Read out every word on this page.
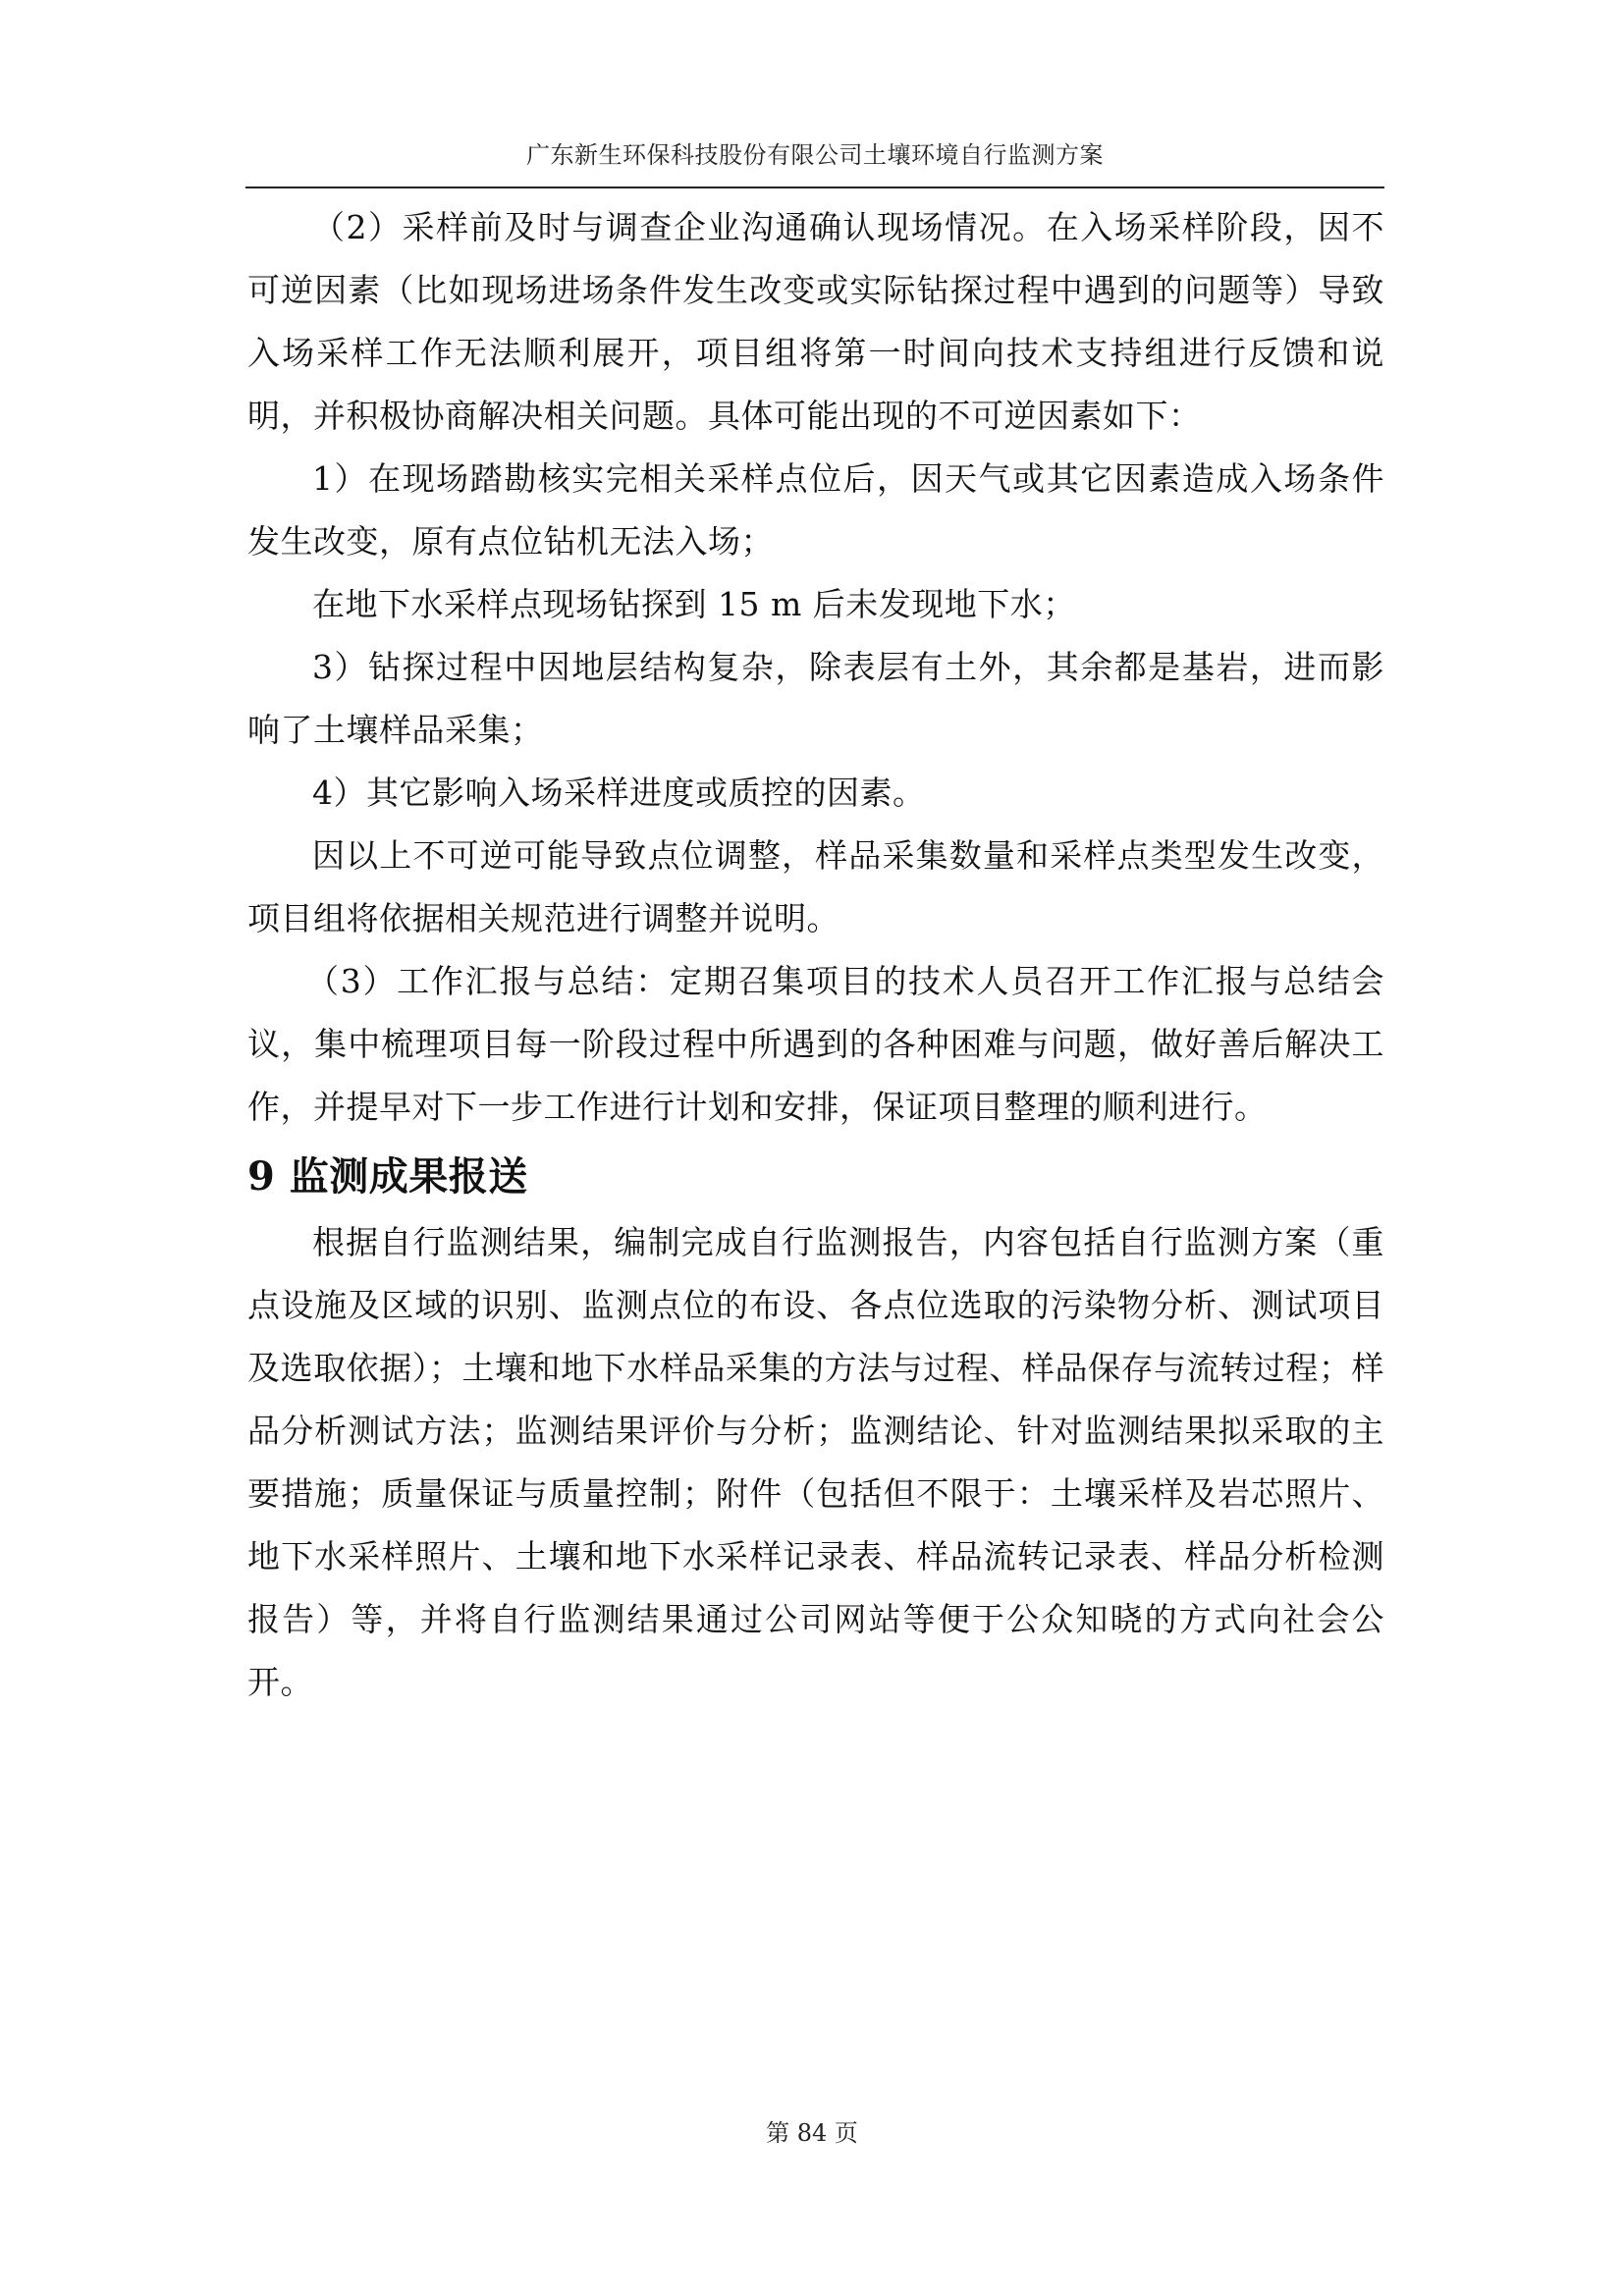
广东新生环保科技股份有限公司土壤环境自行监测方案

（2）采样前及时与调查企业沟通确认现场情况。在入场采样阶段，因不可逆因素（比如现场进场条件发生改变或实际钻探过程中遇到的问题等）导致入场采样工作无法顺利展开，项目组将第一时间向技术支持组进行反馈和说明，并积极协商解决相关问题。具体可能出现的不可逆因素如下：

1）在现场踏勘核实完相关采样点位后，因天气或其它因素造成入场条件发生改变，原有点位钻机无法入场；

在地下水采样点现场钻探到 15 m 后未发现地下水；

3）钻探过程中因地层结构复杂，除表层有土外，其余都是基岩，进而影响了土壤样品采集；

4）其它影响入场采样进度或质控的因素。

因以上不可逆可能导致点位调整，样品采集数量和采样点类型发生改变，项目组将依据相关规范进行调整并说明。

（3）工作汇报与总结：定期召集项目的技术人员召开工作汇报与总结会议，集中梳理项目每一阶段过程中所遇到的各种困难与问题，做好善后解决工作，并提早对下一步工作进行计划和安排，保证项目整理的顺利进行。

9 监测成果报送

根据自行监测结果，编制完成自行监测报告，内容包括自行监测方案（重点设施及区域的识别、监测点位的布设、各点位选取的污染物分析、测试项目及选取依据）；土壤和地下水样品采集的方法与过程、样品保存与流转过程；样品分析测试方法；监测结果评价与分析；监测结论、针对监测结果拟采取的主要措施；质量保证与质量控制；附件（包括但不限于：土壤采样及岩芯照片、地下水采样照片、土壤和地下水采样记录表、样品流转记录表、样品分析检测报告）等，并将自行监测结果通过公司网站等便于公众知晓的方式向社会公开。

第 84 页
